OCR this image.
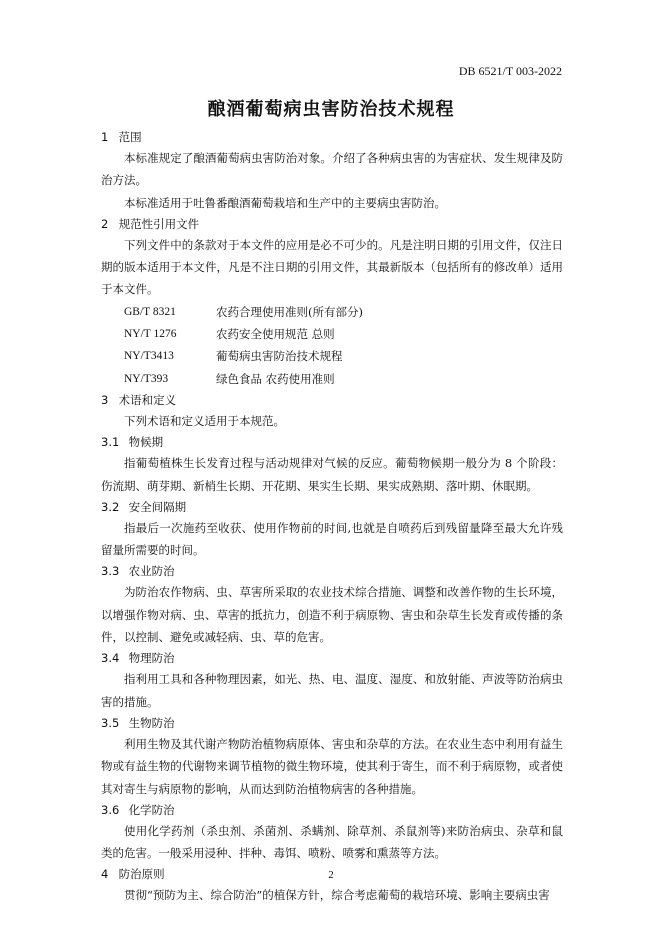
DB 6521/T 003-2022
酿酒葡萄病虫害防治技术规程
1 范围
本标准规定了酿酒葡萄病虫害防治对象。介绍了各种病虫害的为害症状、发生规律及防治方法。
本标准适用于吐鲁番酿酒葡萄栽培和生产中的主要病虫害防治。
2 规范性引用文件
下列文件中的条款对于本文件的应用是必不可少的。凡是注明日期的引用文件，仅注日期的版本适用于本文件，凡是不注日期的引用文件，其最新版本（包括所有的修改单）适用于本文件。
GB/T 8321	农药合理使用准则(所有部分)
NY/T 1276	农药安全使用规范 总则
NY/T3413	葡萄病虫害防治技术规程
NY/T393	绿色食品 农药使用准则
3 术语和定义
下列术语和定义适用于本规范。
3.1 物候期
指葡萄植株生长发育过程与活动规律对气候的反应。葡萄物候期一般分为 8 个阶段：伤流期、萌芽期、新梢生长期、开花期、果实生长期、果实成熟期、落叶期、休眠期。
3.2 安全间隔期
指最后一次施药至收获、使用作物前的时间,也就是自喷药后到残留量降至最大允许残留量所需要的时间。
3.3 农业防治
为防治农作物病、虫、草害所采取的农业技术综合措施、调整和改善作物的生长环境，以增强作物对病、虫、草害的抵抗力，创造不利于病原物、害虫和杂草生长发育或传播的条件，以控制、避免或减轻病、虫、草的危害。
3.4 物理防治
指利用工具和各种物理因素，如光、热、电、温度、湿度、和放射能、声波等防治病虫害的措施。
3.5 生物防治
利用生物及其代谢产物防治植物病原体、害虫和杂草的方法。在农业生态中利用有益生物或有益生物的代谢物来调节植物的微生物环境，使其利于寄生，而不利于病原物，或者使其对寄生与病原物的影响，从而达到防治植物病害的各种措施。
3.6 化学防治
使用化学药剂（杀虫剂、杀菌剂、杀螨剂、除草剂、杀鼠剂等)来防治病虫、杂草和鼠类的危害。一般采用浸种、拌种、毒饵、喷粉、喷雾和熏蒸等方法。
4 防治原则
贯彻“预防为主、综合防治”的植保方针，综合考虑葡萄的栽培环境、影响主要病虫害
2
